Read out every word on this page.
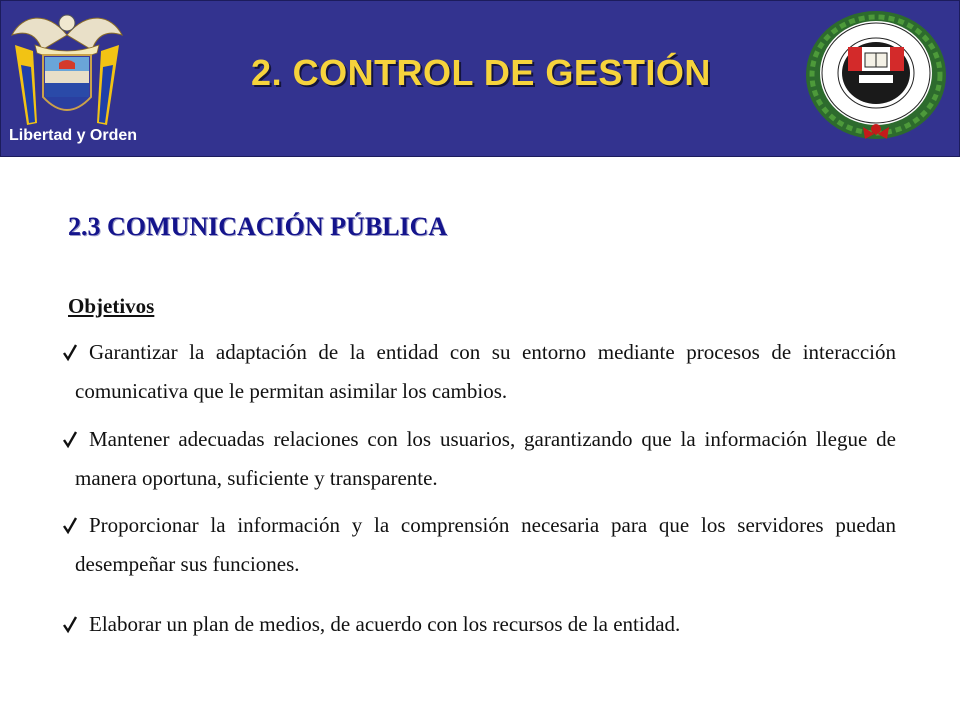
Libertad y Orden
2. CONTROL DE GESTIÓN
2.3 COMUNICACIÓN PÚBLICA
Objetivos
Garantizar la adaptación de la entidad con su entorno mediante procesos de interacción comunicativa que le permitan asimilar los cambios.
Mantener adecuadas relaciones con los usuarios, garantizando que la información llegue de manera oportuna, suficiente y transparente.
Proporcionar la información y la comprensión necesaria para que los servidores puedan desempeñar sus funciones.
Elaborar un plan de medios, de acuerdo con los recursos de la entidad.
